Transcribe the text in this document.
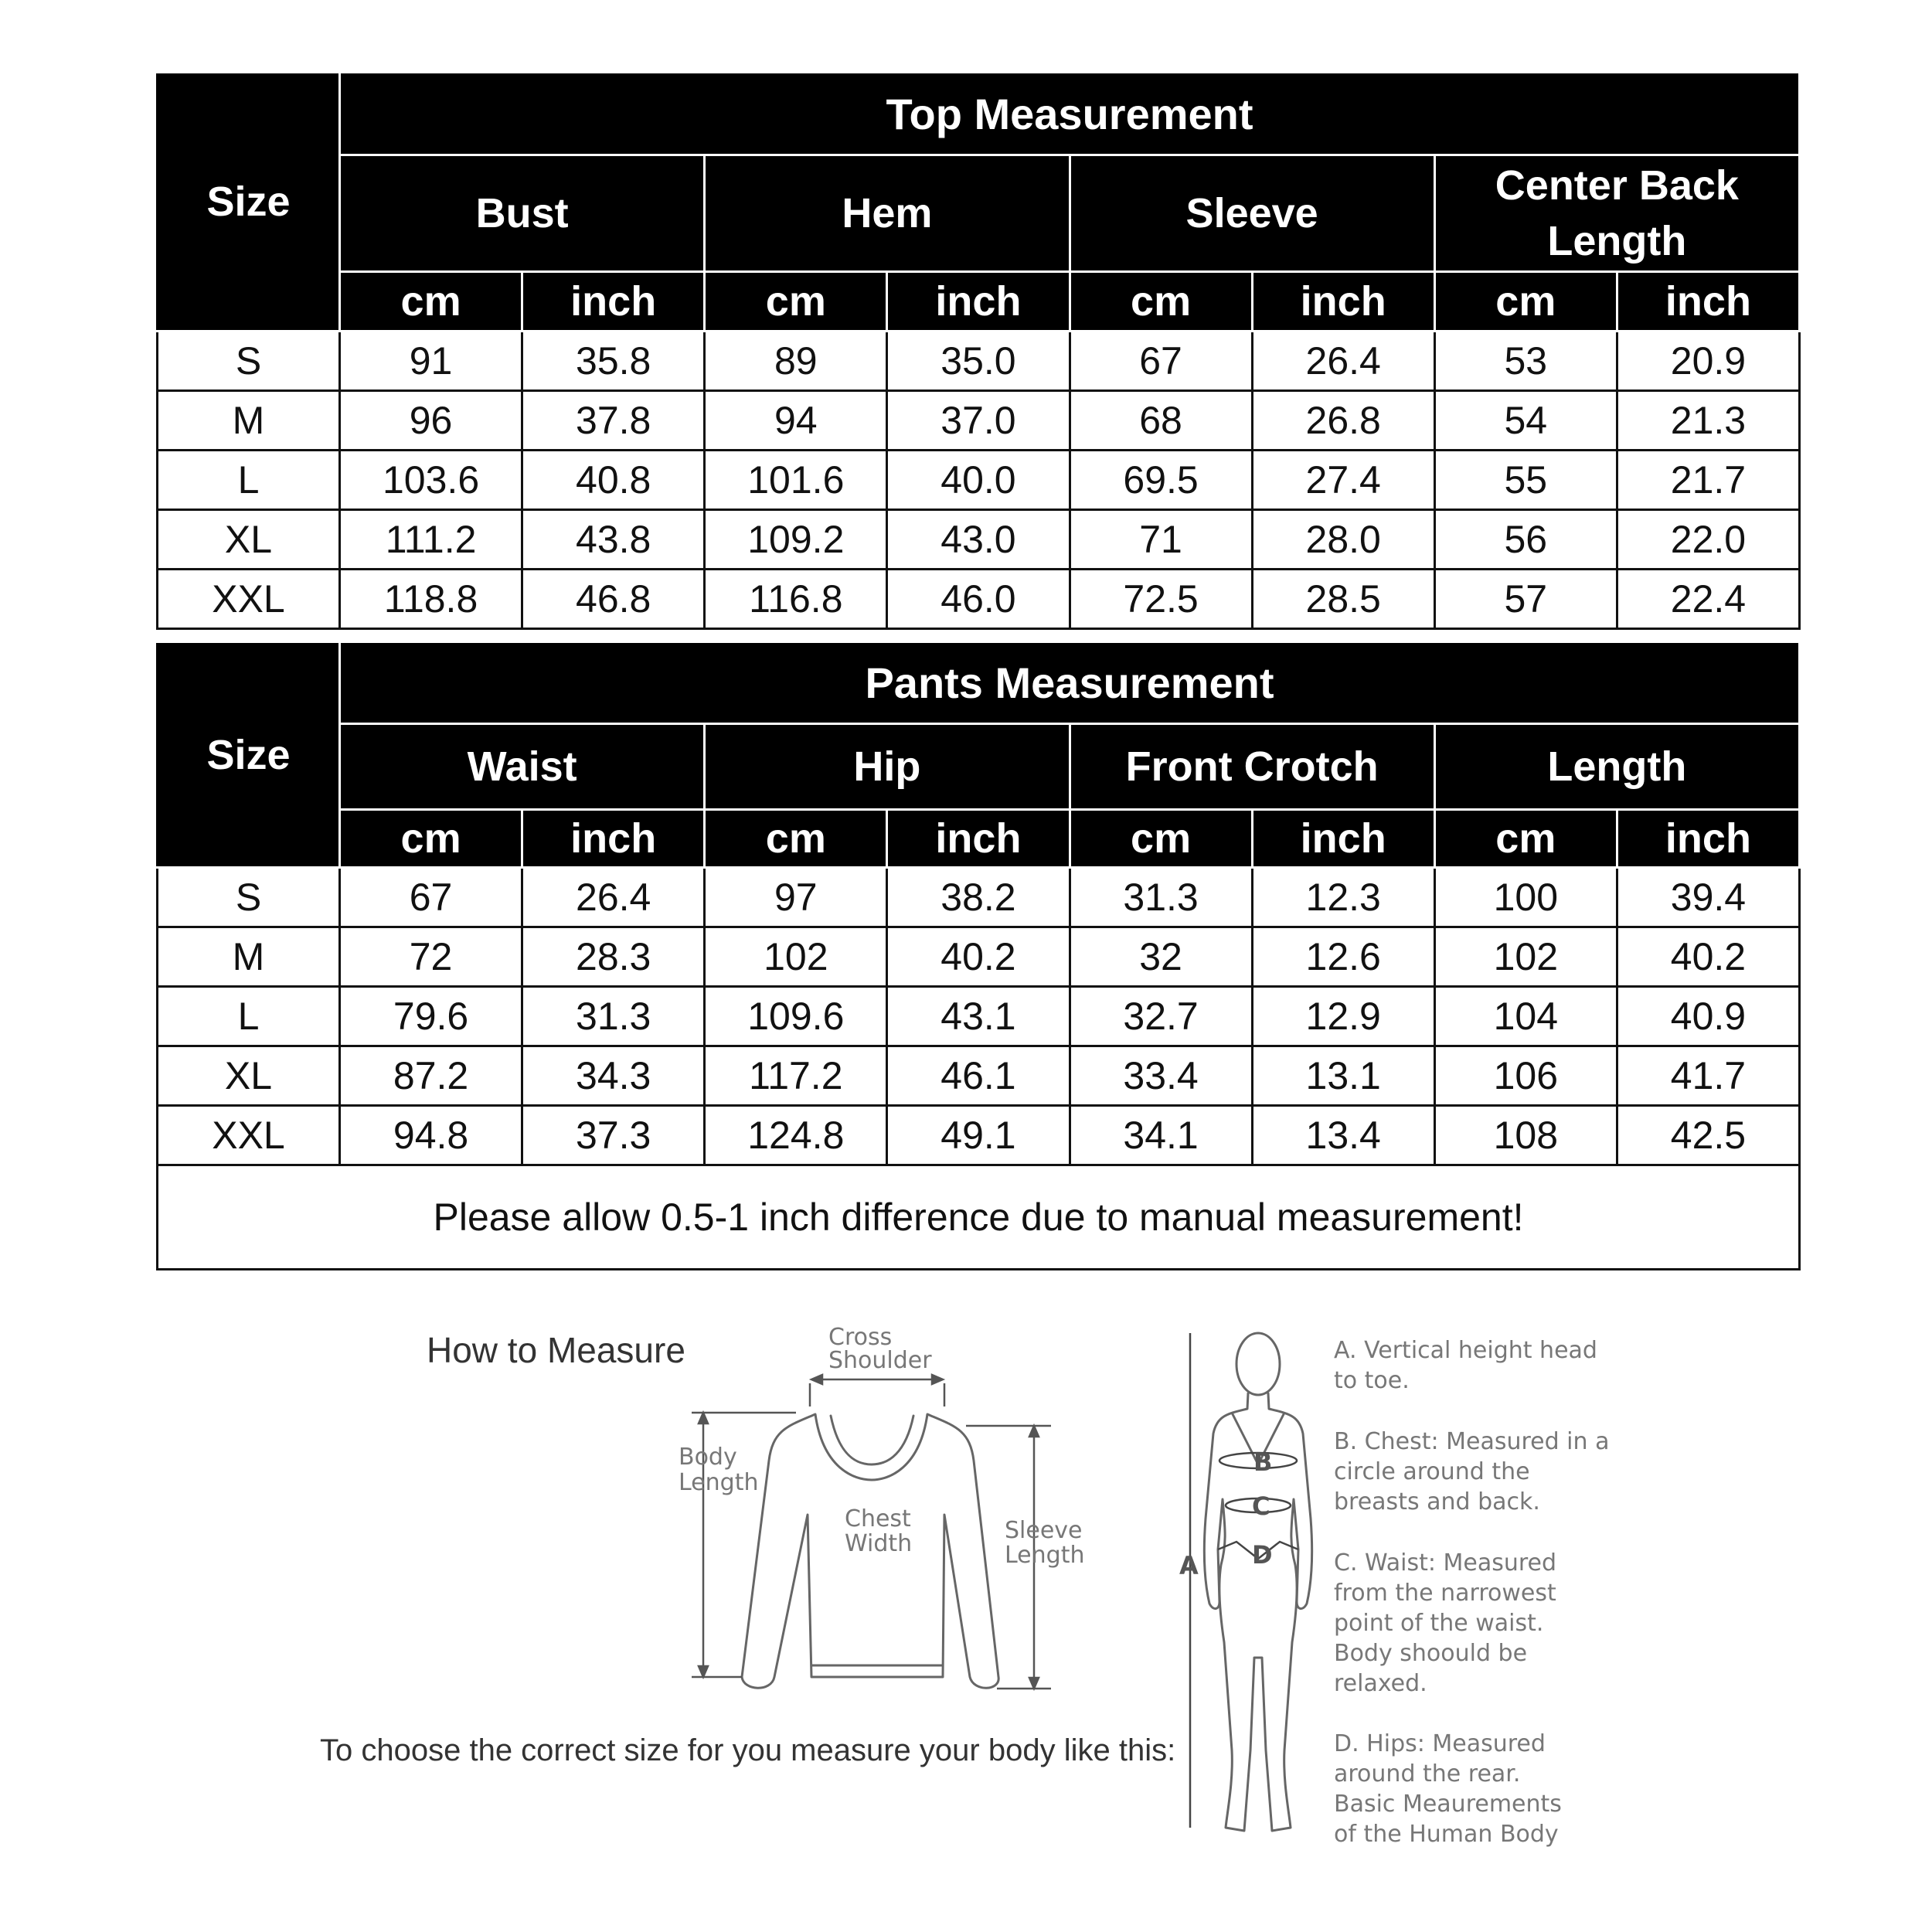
Size	Top Measurement							
	Bust		Hem		Sleeve		Center Back Length	
	cm	inch	cm	inch	cm	inch	cm	inch
S	91	35.8	89	35.0	67	26.4	53	20.9
M	96	37.8	94	37.0	68	26.8	54	21.3
L	103.6	40.8	101.6	40.0	69.5	27.4	55	21.7
XL	111.2	43.8	109.2	43.0	71	28.0	56	22.0
XXL	118.8	46.8	116.8	46.0	72.5	28.5	57	22.4
Size	Pants Measurement							
	Waist		Hip		Front Crotch		Length	
	cm	inch	cm	inch	cm	inch	cm	inch
S	67	26.4	97	38.2	31.3	12.3	100	39.4
M	72	28.3	102	40.2	32	12.6	102	40.2
L	79.6	31.3	109.6	43.1	32.7	12.9	104	40.9
XL	87.2	34.3	117.2	46.1	33.4	13.1	106	41.7
XXL	94.8	37.3	124.8	49.1	34.1	13.4	108	42.5
Please allow 0.5-1 inch difference due to manual measurement!								
How to Measure
To choose the correct size for you measure your body like this:
Cross
Shoulder
Body
Length
Chest
Width	Sleeve
Length
B
C
D
A
A. Vertical height head
to toe.
B. Chest: Measured in a
circle around the
breasts and back.
C. Waist: Measured
from the narrowest
point of the waist.
Body shoould be
relaxed.
D. Hips: Measured
around the rear.
Basic Meaurements
of the Human Body
